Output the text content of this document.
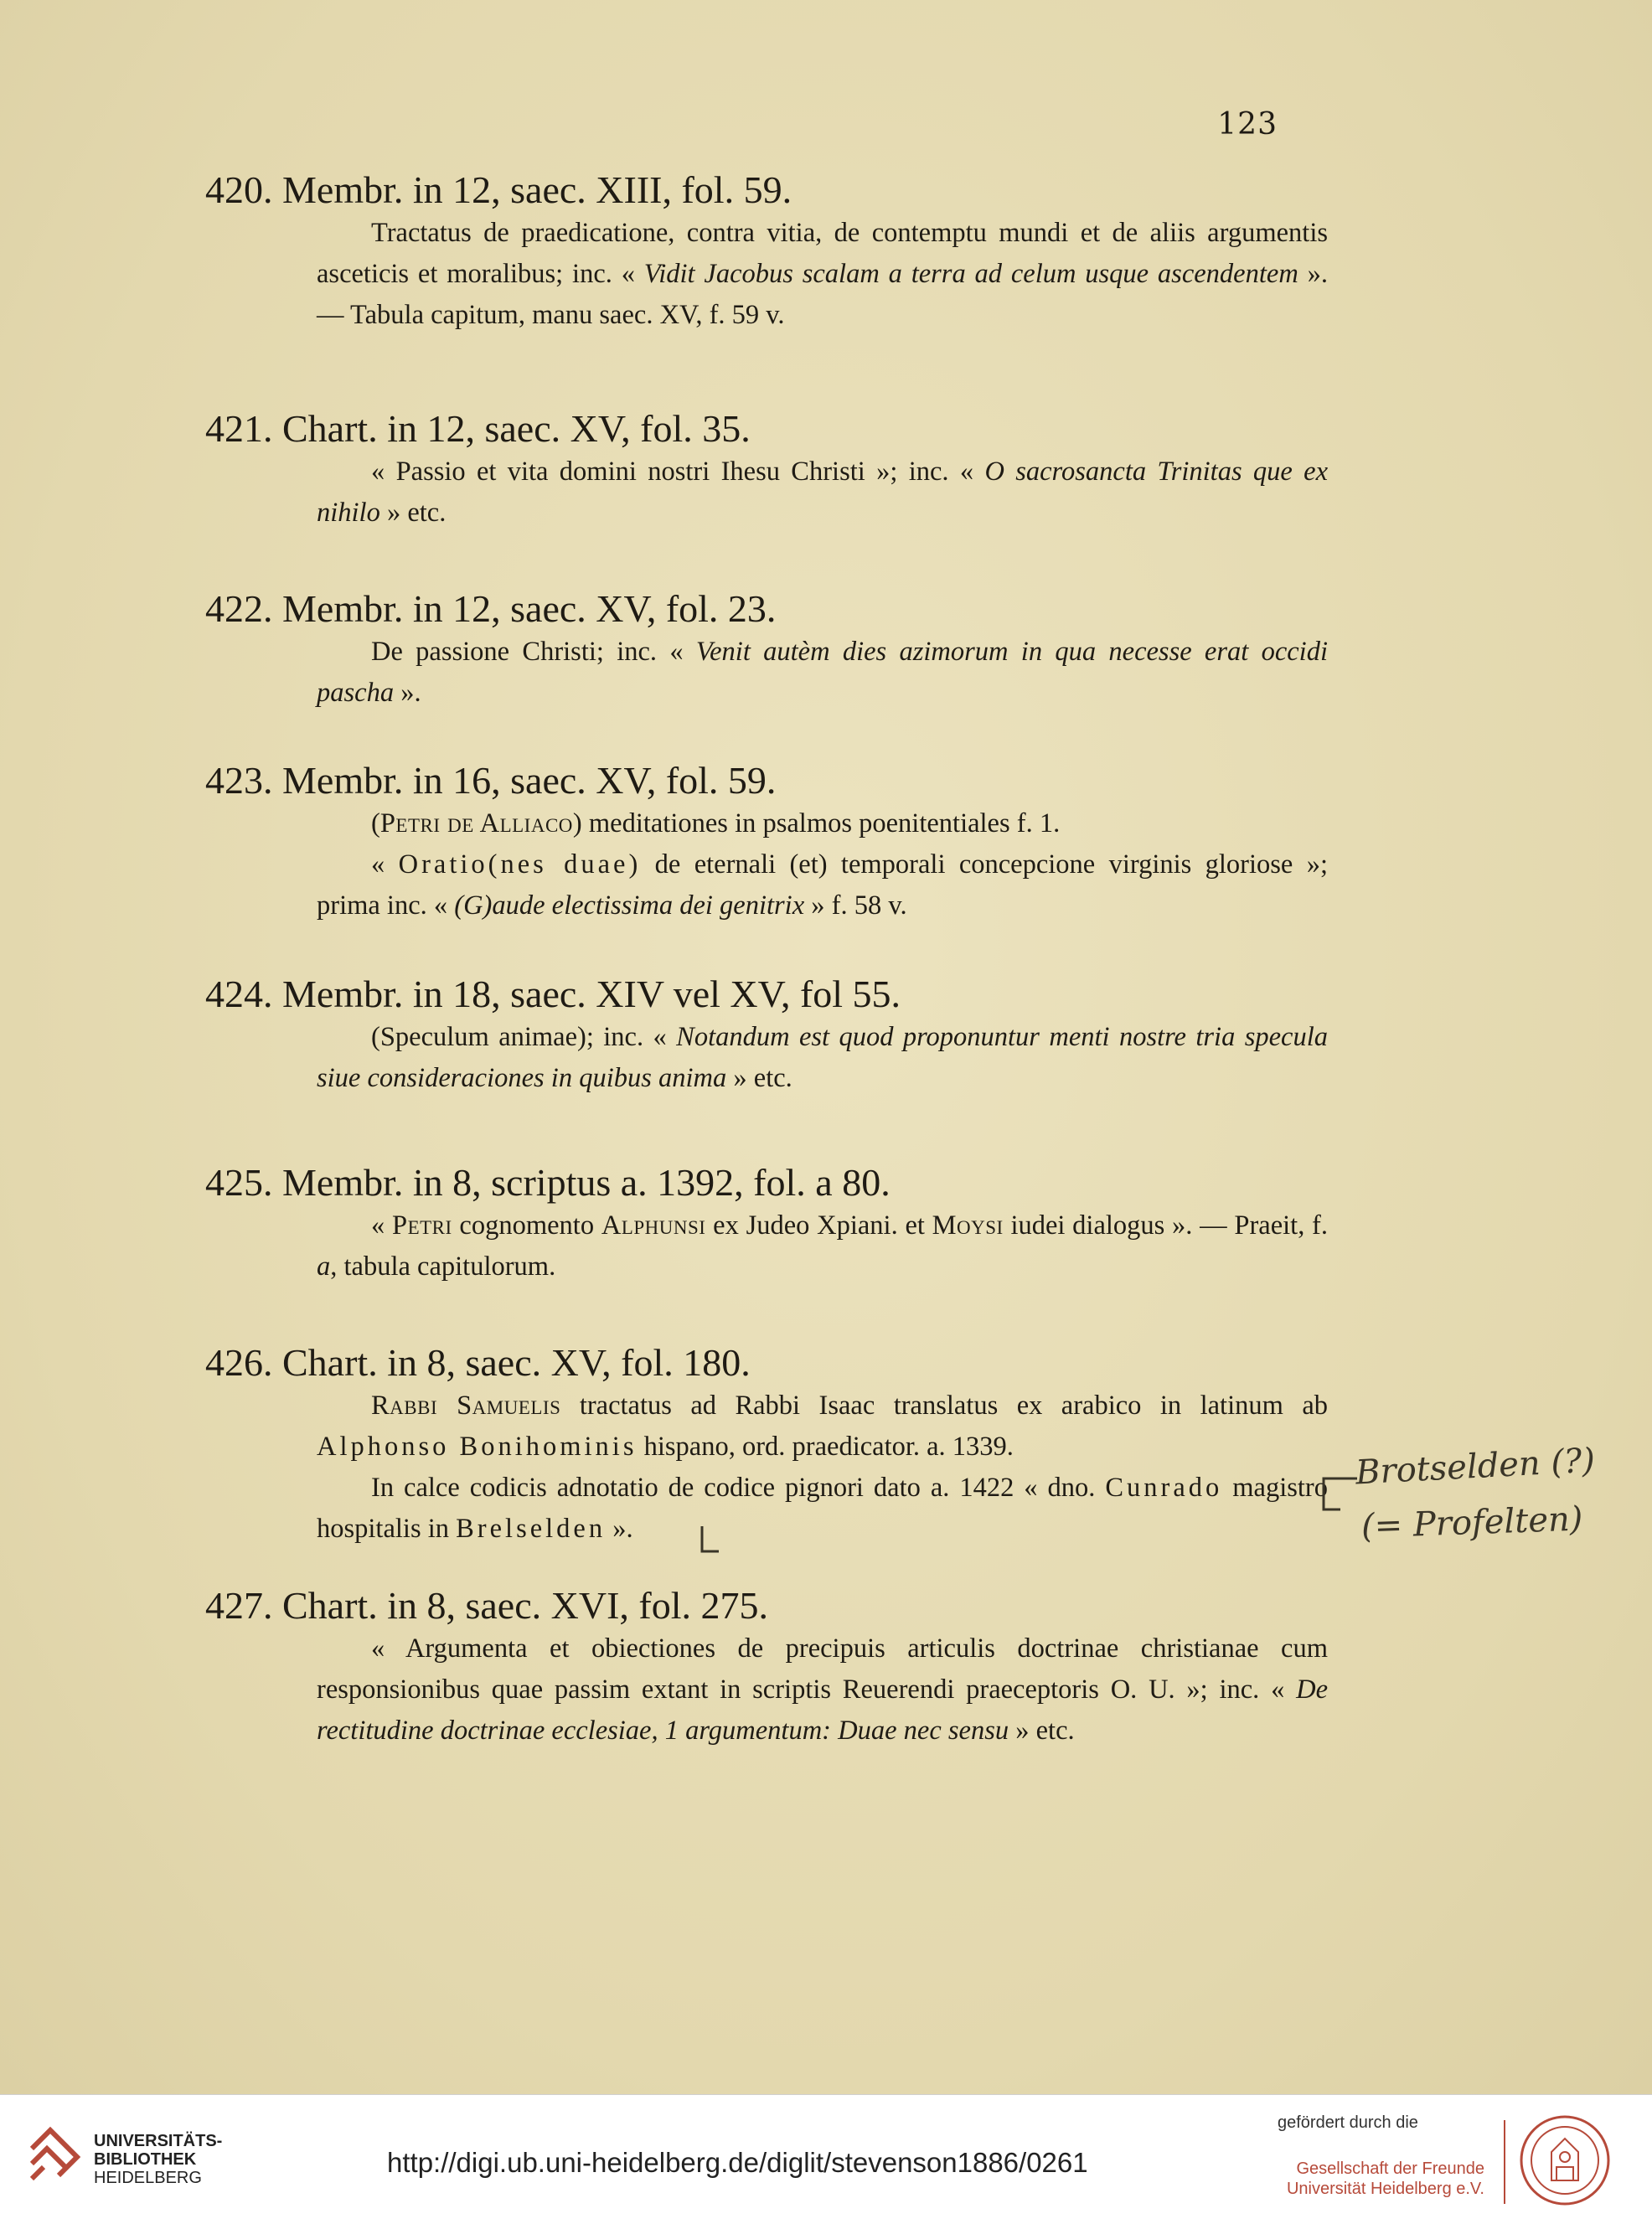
123
420. Membr. in 12, saec. XIII, fol. 59.

Tractatus de praedicatione, contra vitia, de contemptu mundi et de aliis argumentis asceticis et moralibus; inc. « Vidit Jacobus scalam a terra ad celum usque ascendentem ». — Tabula capitum, manu saec. XV, f. 59 v.

421. Chart. in 12, saec. XV, fol. 35.

« Passio et vita domini nostri Ihesu Christi »; inc. « O sacrosancta Trinitas que ex nihilo » etc.

422. Membr. in 12, saec. XV, fol. 23.

De passione Christi; inc. « Venit autèm dies azimorum in qua necesse erat occidi pascha ».

423. Membr. in 16, saec. XV, fol. 59.

(Petri de Alliaco) meditationes in psalmos poenitentiales f. 1.

« Oratio(nes duae) de eternali (et) temporali concepcione virginis gloriose »; prima inc. « (G)aude electissima dei genitrix » f. 58 v.

424. Membr. in 18, saec. XIV vel XV, fol 55.

(Speculum animae); inc. « Notandum est quod proponuntur menti nostre tria specula siue consideraciones in quibus anima » etc.

425. Membr. in 8, scriptus a. 1392, fol. a 80.

« Petri cognomento Alphunsi ex Judeo Xpiani. et Moysi iudei dialogus ». — Praeit, f. a, tabula capitulorum.

426. Chart. in 8, saec. XV, fol. 180.

Rabbi Samuelis tractatus ad Rabbi Isaac translatus ex arabico in latinum ab Alphonso Bonihominis hispano, ord. praedicator. a. 1339.

In calce codicis adnotatio de codice pignori dato a. 1422 « dno. Cunrado magistro hospitalis in Brelselden ».

427. Chart. in 8, saec. XVI, fol. 275.

« Argumenta et obiectiones de precipuis articulis doctrinae christianae cum responsionibus quae passim extant in scriptis Reuerendi praeceptoris O. U. »; inc. « De rectitudine doctrinae ecclesiae, 1 argumentum: Duae nec sensu » etc.

Brotselden (?)
(= Profelten)
UNIVERSITÄTS-
BIBLIOTHEK
HEIDELBERG	http://digi.ub.uni-heidelberg.de/diglit/stevenson1886/0261
gefördert durch die
Gesellschaft der Freunde
Universität Heidelberg e.V.
